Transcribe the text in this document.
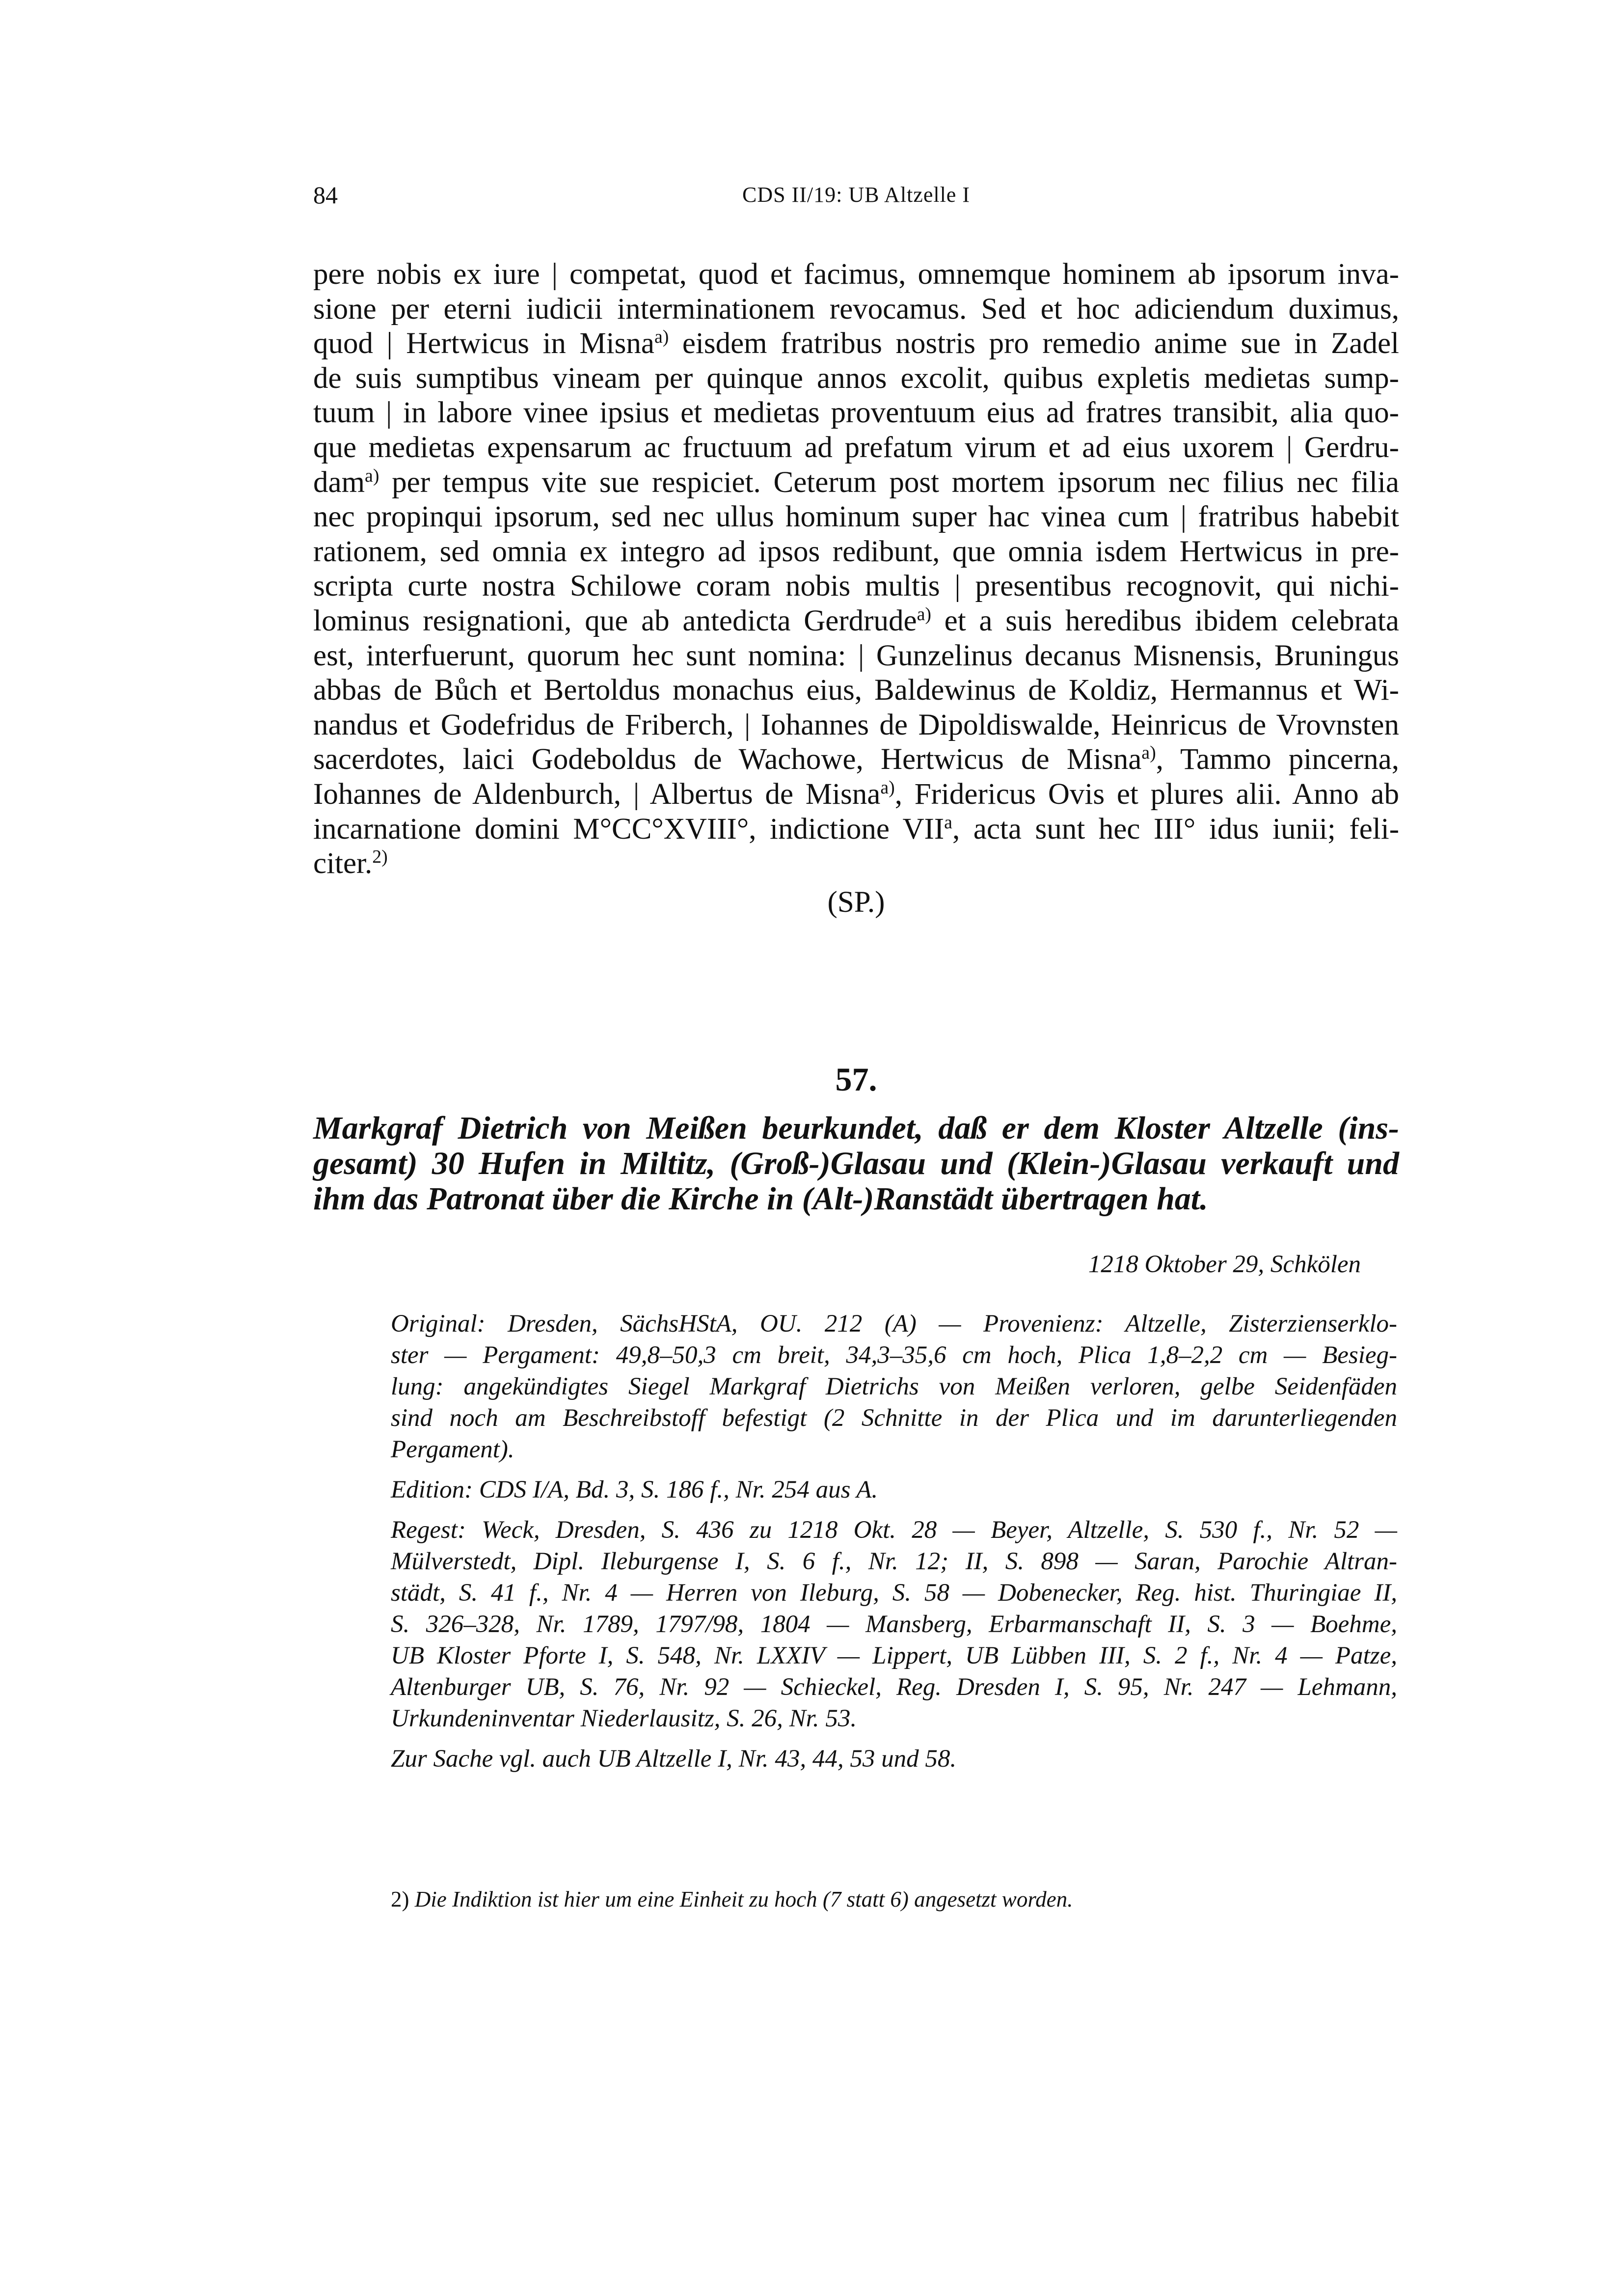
84	CDS II/19: UB Altzelle I
pere nobis ex iure | competat, quod et facimus, omnemque hominem ab ipsorum inva-
sione per eterni iudicii interminationem revocamus. Sed et hoc adiciendum duximus,
quod | Hertwicus in Misna$^{a)}$ eisdem fratribus nostris pro remedio anime sue in Zadel
de suis sumptibus vineam per quinque annos excolit, quibus expletis medietas sump-
tuum | in labore vinee ipsius et medietas proventuum eius ad fratres transibit, alia quo-
que medietas expensarum ac fructuum ad prefatum virum et ad eius uxorem | Gerdru-
dam$^{a)}$ per tempus vite sue respiciet. Ceterum post mortem ipsorum nec filius nec filia
nec propinqui ipsorum, sed nec ullus hominum super hac vinea cum | fratribus habebit
rationem, sed omnia ex integro ad ipsos redibunt, que omnia isdem Hertwicus in pre-
scripta curte nostra Schilowe coram nobis multis | presentibus recognovit, qui nichi-
lominus resignationi, que ab antedicta Gerdrude$^{a)}$ et a suis heredibus ibidem celebrata
est, interfuerunt, quorum hec sunt nomina: | Gunzelinus decanus Misnensis, Bruningus
abbas de Bůch et Bertoldus monachus eius, Baldewinus de Koldiz, Hermannus et Wi-
nandus et Godefridus de Friberch, | Iohannes de Dipoldiswalde, Heinricus de Vrovnsten
sacerdotes, laici Godeboldus de Wachowe, Hertwicus de Misna$^{a)}$, Tammo pincerna,
Iohannes de Aldenburch, | Albertus de Misna$^{a)}$, Fridericus Ovis et plures alii. Anno ab
incarnatione domini M°CC°XVIII°, indictione VII$^a$, acta sunt hec III° idus iunii; feli-
citer.$^{2)}$
(SP.)
57.
Markgraf Dietrich von Meißen beurkundet, daß er dem Kloster Altzelle (ins-
gesamt) 30 Hufen in Miltitz, (Groß-)Glasau und (Klein-)Glasau verkauft und
ihm das Patronat über die Kirche in (Alt-)Ranstädt übertragen hat.
1218 Oktober 29, Schkölen
Original: Dresden, SächsHStA, OU. 212 (A) — Provenienz: Altzelle, Zisterzienserklo-
ster — Pergament: 49,8–50,3 cm breit, 34,3–35,6 cm hoch, Plica 1,8–2,2 cm — Besieg-
lung: angekündigtes Siegel Markgraf Dietrichs von Meißen verloren, gelbe Seidenfäden
sind noch am Beschreibstoff befestigt (2 Schnitte in der Plica und im darunterliegenden
Pergament).
Edition: CDS I/A, Bd. 3, S. 186 f., Nr. 254 aus A.
Regest: Weck, Dresden, S. 436 zu 1218 Okt. 28 — Beyer, Altzelle, S. 530 f., Nr. 52 —
Mülverstedt, Dipl. Ileburgense I, S. 6 f., Nr. 12; II, S. 898 — Saran, Parochie Altran-
städt, S. 41 f., Nr. 4 — Herren von Ileburg, S. 58 — Dobenecker, Reg. hist. Thuringiae II,
S. 326–328, Nr. 1789, 1797/98, 1804 — Mansberg, Erbarmanschaft II, S. 3 — Boehme,
UB Kloster Pforte I, S. 548, Nr. LXXIV — Lippert, UB Lübben III, S. 2 f., Nr. 4 — Patze,
Altenburger UB, S. 76, Nr. 92 — Schieckel, Reg. Dresden I, S. 95, Nr. 247 — Lehmann,
Urkundeninventar Niederlausitz, S. 26, Nr. 53.
Zur Sache vgl. auch UB Altzelle I, Nr. 43, 44, 53 und 58.
2) Die Indiktion ist hier um eine Einheit zu hoch (7 statt 6) angesetzt worden.
